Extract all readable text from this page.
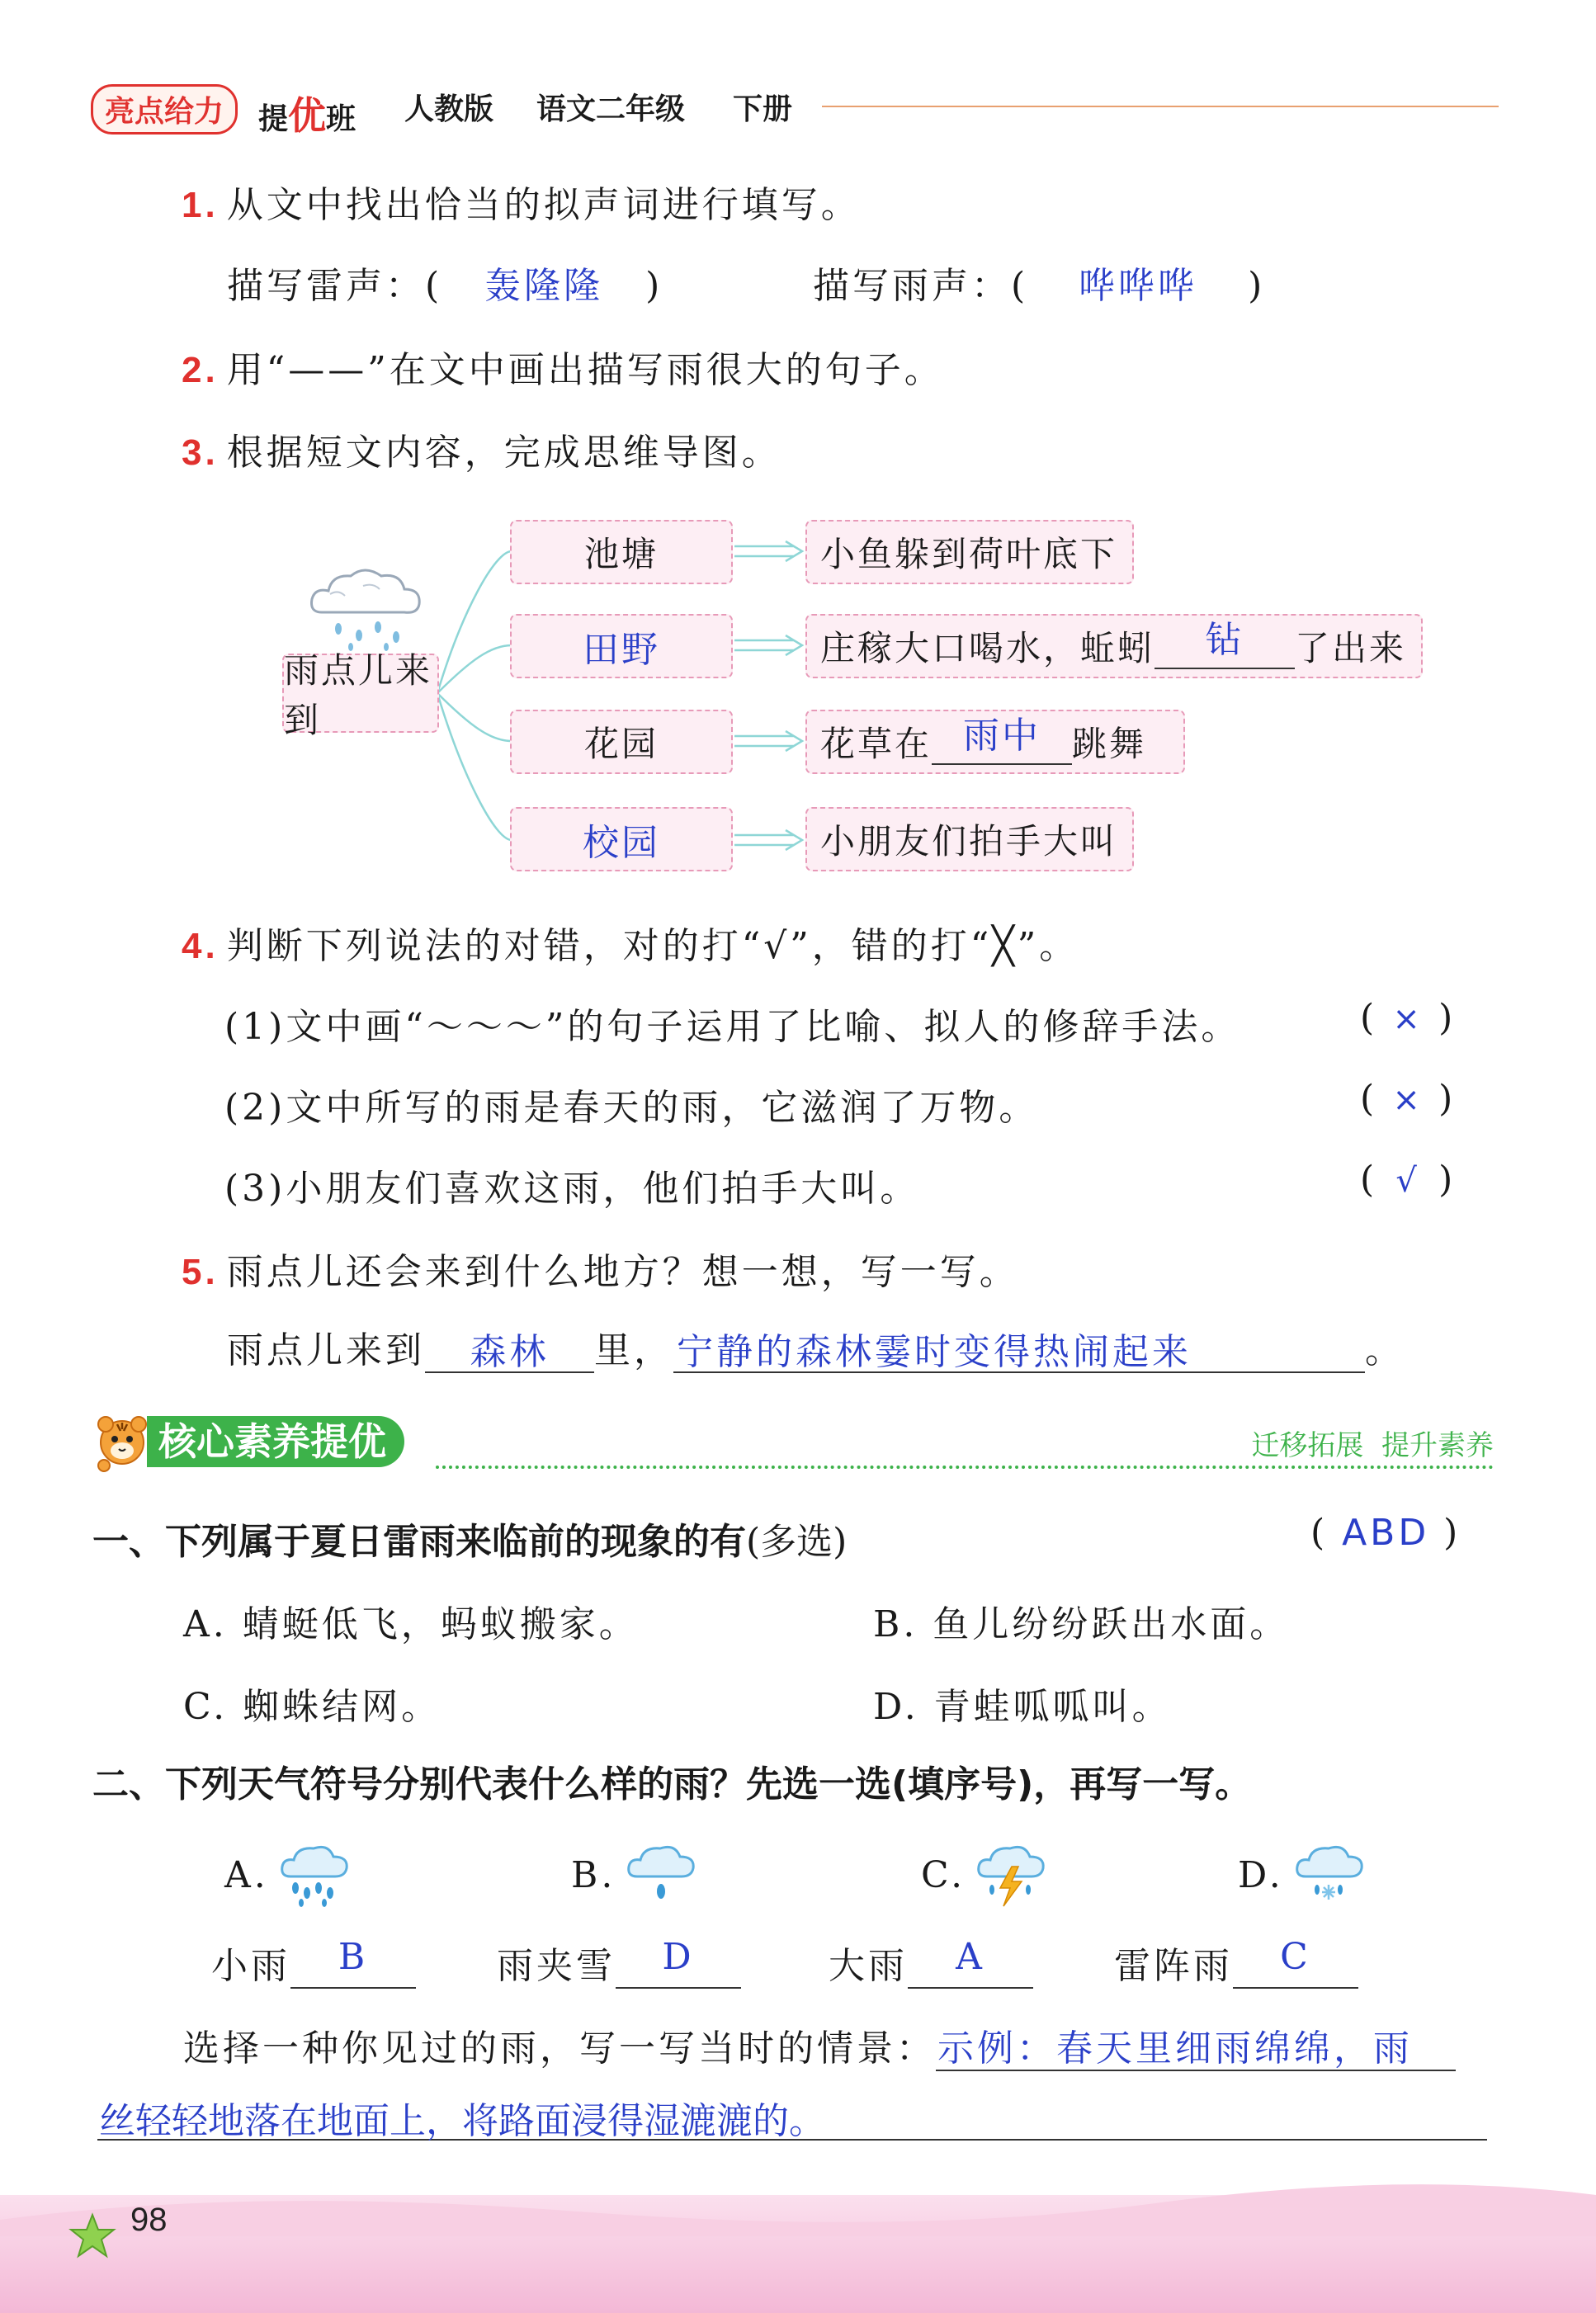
亮点给力	提优班 人教版 语文二年级 下册
1. 从文中找出恰当的拟声词进行填写。
描写雷声：( 轰隆隆 )	描写雨声：( 哗哗哗 )
2. 用“——”在文中画出描写雨很大的句子。
3. 根据短文内容，完成思维导图。
雨点儿来到
池塘	小鱼躲到荷叶底下
田野	庄稼大口喝水，蚯蚓	钻	了出来
花园	花草在 雨中 跳舞
校园	小朋友们拍手大叫
4. 判断下列说法的对错，对的打“√”，错的打“╳”。
(1)文中画“～～～”的句子运用了比喻、拟人的修辞手法。	( × )
(2)文中所写的雨是春天的雨，它滋润了万物。	( × )
(3)小朋友们喜欢这雨，他们拍手大叫。	( √ )
5. 雨点儿还会来到什么地方？想一想，写一写。
雨点儿来到	森林	里， 宁静的森林霎时变得热闹起来	。
核心素养提优	迁移拓展  提升素养
一、下列属于夏日雷雨来临前的现象的有(多选)	( ABD )
A. 蜻蜓低飞，蚂蚁搬家。	B. 鱼儿纷纷跃出水面。
C. 蜘蛛结网。	D. 青蛙呱呱叫。
二、下列天气符号分别代表什么样的雨？先选一选(填序号)，再写一写。
A.	B.	C.	D.
小雨	B	雨夹雪	D	大雨	A	雷阵雨	C
选择一种你见过的雨，写一写当时的情景： 示例：春天里细雨绵绵，雨
丝轻轻地落在地面上，将路面浸得湿漉漉的。
98
